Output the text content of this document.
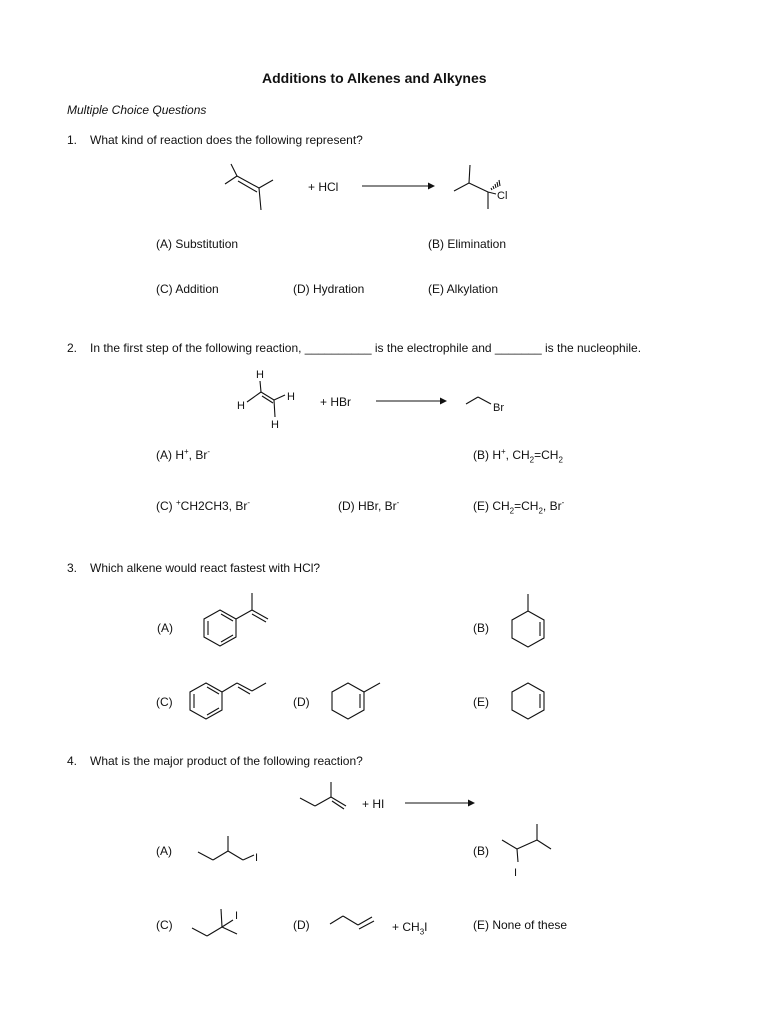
Additions to Alkenes and Alkynes
Multiple Choice Questions
1. What kind of reaction does the following represent?
+ HCl
Cl
(A) Substitution	(B) Elimination
(C) Addition	(D) Hydration	(E) Alkylation
2. In the first step of the following reaction, __________ is the electrophile and _______ is the nucleophile.
H
H
H
H
+ HBr	Br
(A) H+, Br-	(B) H+, $CH_2=CH_2$
(C) +CH2CH3, Br-	(D) HBr, Br-	(E) $CH_2=CH_2$, Br-
3. Which alkene would react fastest with HCl?
(A)	(B)
(C)	(D)	(E)
4. What is the major product of the following reaction?
+ HI
(A)	I	(B)
I
(C)
I
(D)	+ $CH_3I$	(E) None of these
